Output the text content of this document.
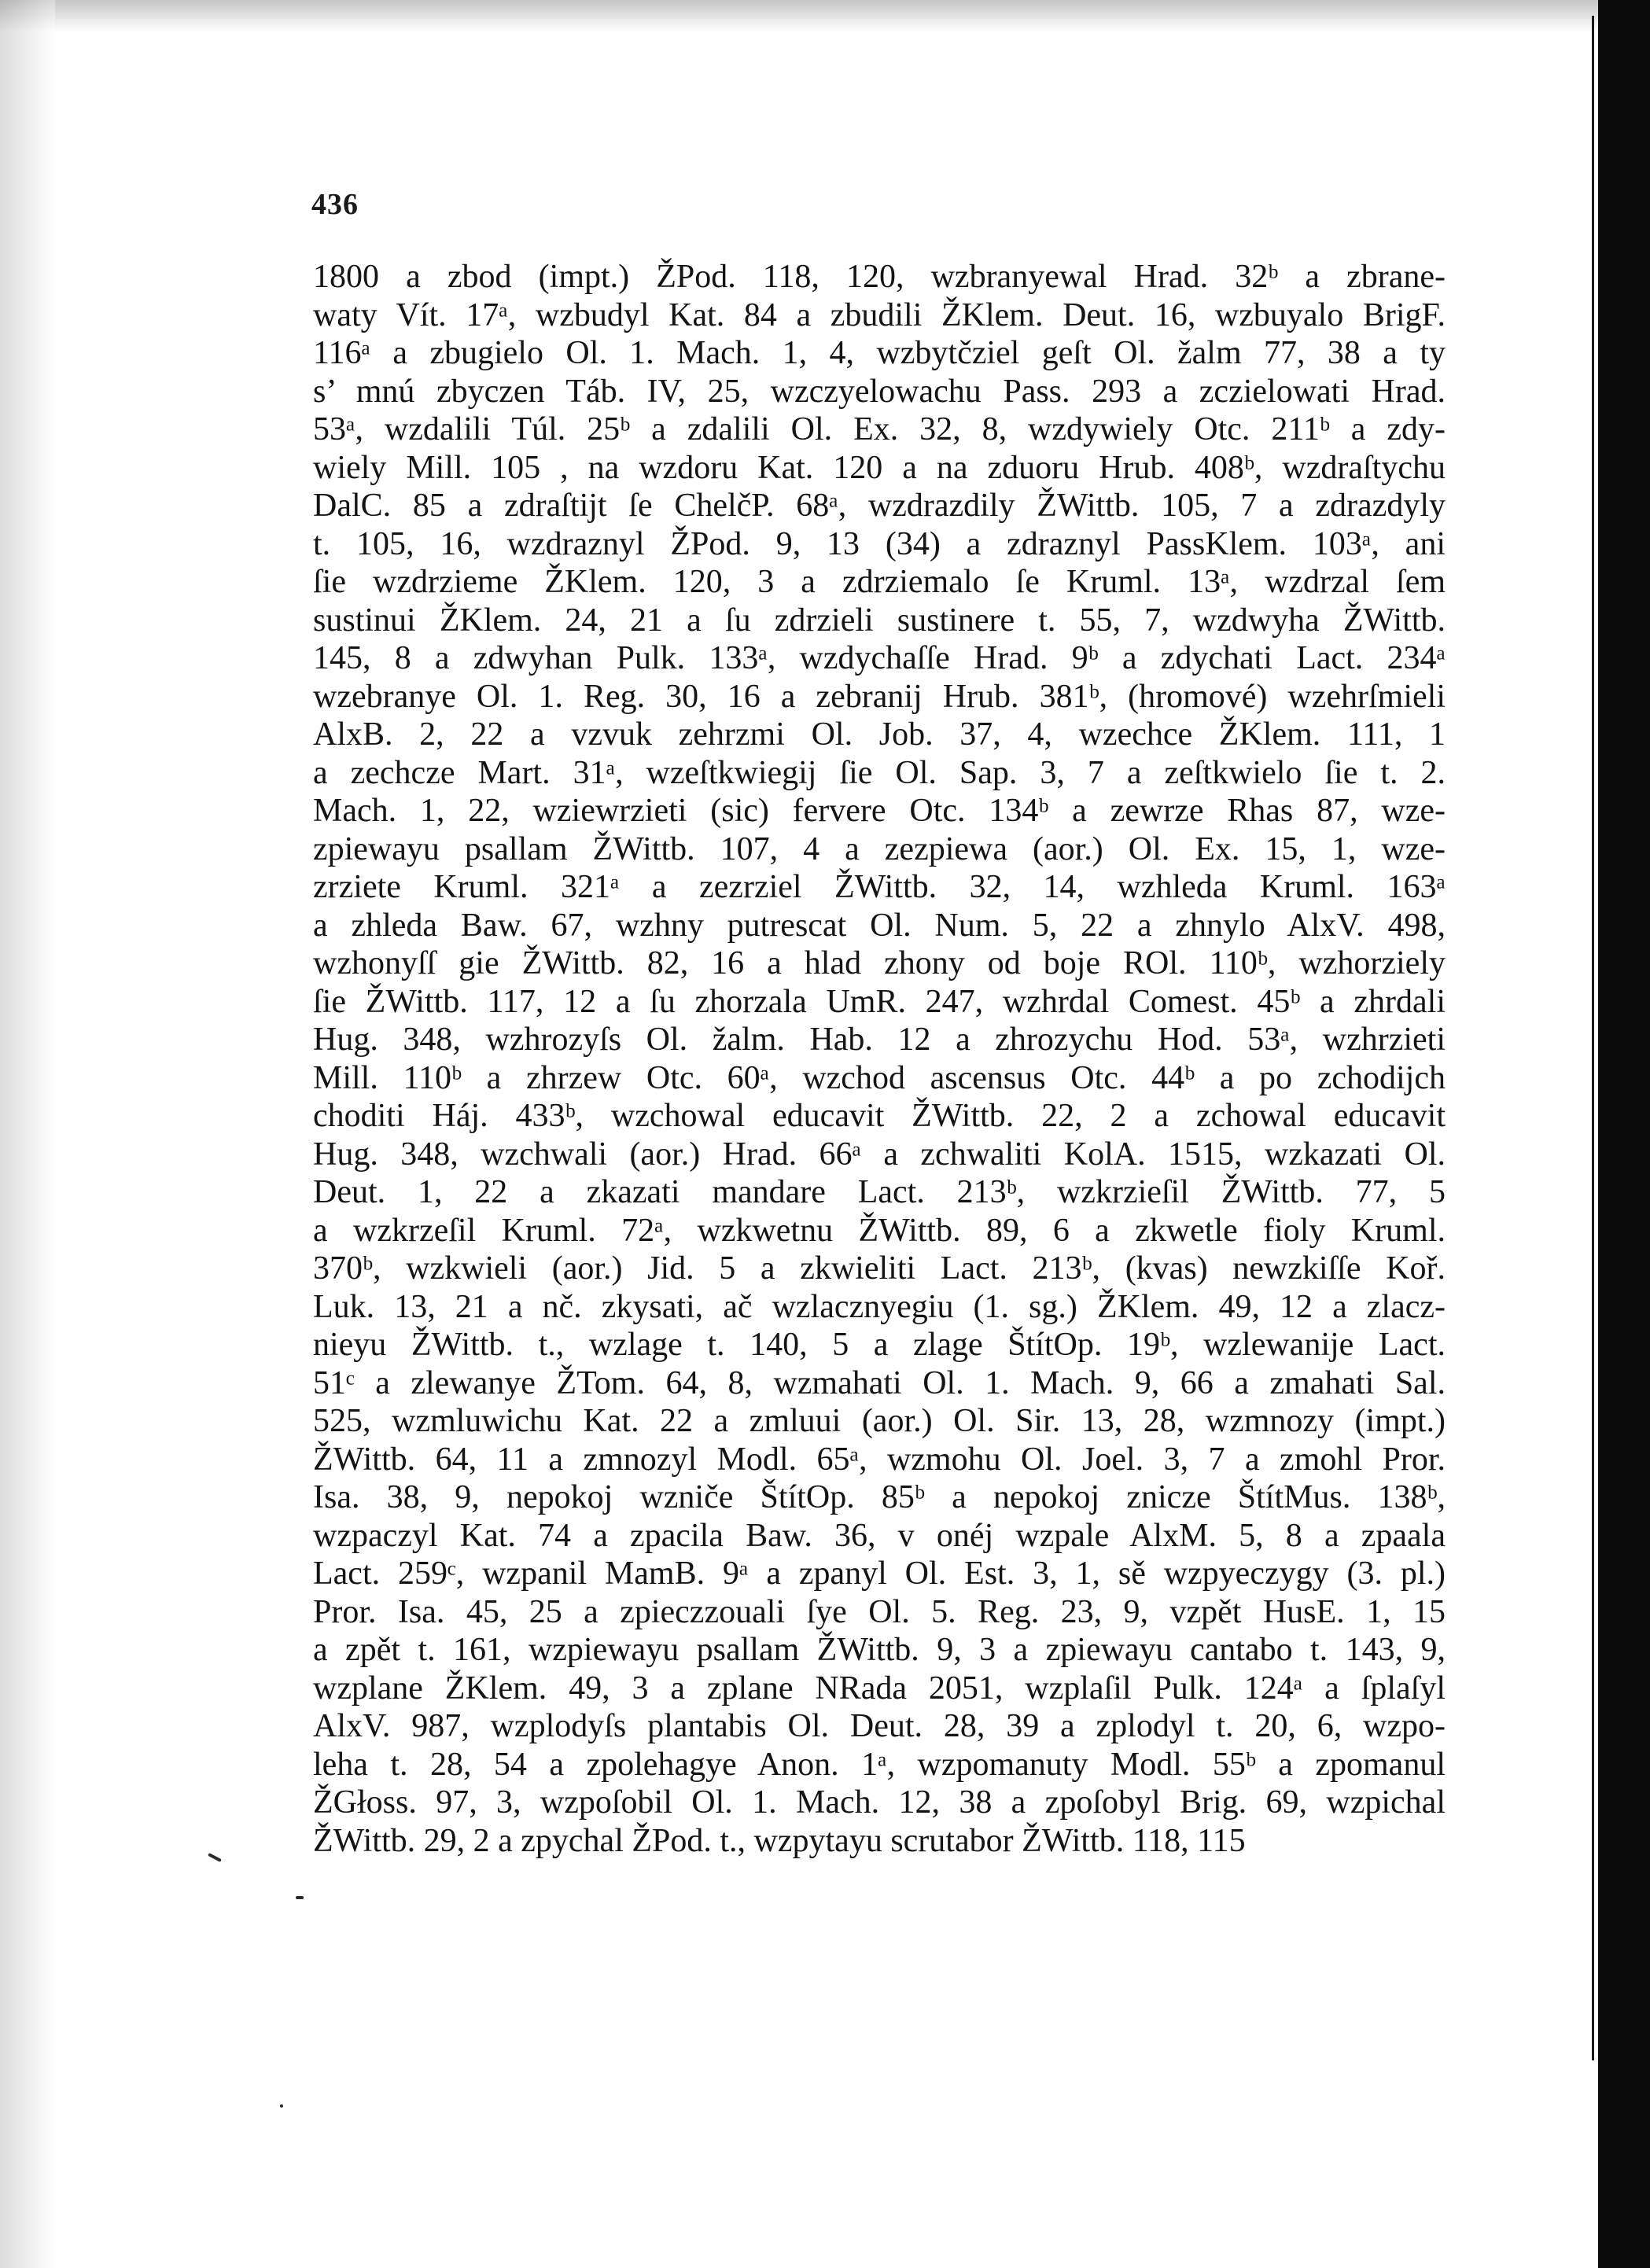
436
1800 a zbod (impt.) ŽPod. 118, 120, wzbranyewal Hrad. 32ᵇ a zbrane-
waty Vít. 17ᵃ, wzbudyl Kat. 84 a zbudili ŽKlem. Deut. 16, wzbuyalo BrigF.
116ᵃ a zbugielo Ol. 1. Mach. 1, 4, wzbytčziel geſt Ol. žalm 77, 38 a ty
s’ mnú zbyczen Táb. IV, 25, wzczyelowachu Pass. 293 a zczielowati Hrad.
53ᵃ, wzdalili Túl. 25ᵇ a zdalili Ol. Ex. 32, 8, wzdywiely Otc. 211ᵇ a zdy-
wiely Mill. 105 , na wzdoru Kat. 120 a na zduoru Hrub. 408ᵇ, wzdraſtychu
DalC. 85 a zdraſtijt ſe ChelčP. 68ᵃ, wzdrazdily ŽWittb. 105, 7 a zdrazdyly
t. 105, 16, wzdraznyl ŽPod. 9, 13 (34) a zdraznyl PassKlem. 103ᵃ, ani
ſie wzdrzieme ŽKlem. 120, 3 a zdrziemalo ſe Kruml. 13ᵃ, wzdrzal ſem
sustinui ŽKlem. 24, 21 a ſu zdrzieli sustinere t. 55, 7, wzdwyha ŽWittb.
145, 8 a zdwyhan Pulk. 133ᵃ, wzdychaſſe Hrad. 9ᵇ a zdychati Lact. 234ᵃ
wzebranye Ol. 1. Reg. 30, 16 a zebranij Hrub. 381ᵇ, (hromové) wzehrſmieli
AlxB. 2, 22 a vzvuk zehrzmi Ol. Job. 37, 4, wzechce ŽKlem. 111, 1
a zechcze Mart. 31ᵃ, wzeſtkwiegij ſie Ol. Sap. 3, 7 a zeſtkwielo ſie t. 2.
Mach. 1, 22, wziewrzieti (sic) fervere Otc. 134ᵇ a zewrze Rhas 87, wze-
zpiewayu psallam ŽWittb. 107, 4 a zezpiewa (aor.) Ol. Ex. 15, 1, wze-
zrziete Kruml. 321ᵃ a zezrziel ŽWittb. 32, 14, wzhleda Kruml. 163ᵃ
a zhleda Baw. 67, wzhny putrescat Ol. Num. 5, 22 a zhnylo AlxV. 498,
wzhonyſſ gie ŽWittb. 82, 16 a hlad zhony od boje ROl. 110ᵇ, wzhorziely
ſie ŽWittb. 117, 12 a ſu zhorzala UmR. 247, wzhrdal Comest. 45ᵇ a zhrdali
Hug. 348, wzhrozyſs Ol. žalm. Hab. 12 a zhrozychu Hod. 53ᵃ, wzhrzieti
Mill. 110ᵇ a zhrzew Otc. 60ᵃ, wzchod ascensus Otc. 44ᵇ a po zchodijch
choditi Háj. 433ᵇ, wzchowal educavit ŽWittb. 22, 2 a zchowal educavit
Hug. 348, wzchwali (aor.) Hrad. 66ᵃ a zchwaliti KolA. 1515, wzkazati Ol.
Deut. 1, 22 a zkazati mandare Lact. 213ᵇ, wzkrzieſil ŽWittb. 77, 5
a wzkrzeſil Kruml. 72ᵃ, wzkwetnu ŽWittb. 89, 6 a zkwetle fioly Kruml.
370ᵇ, wzkwieli (aor.) Jid. 5 a zkwieliti Lact. 213ᵇ, (kvas) newzkiſſe Koř.
Luk. 13, 21 a nč. zkysati, ač wzlacznyegiu (1. sg.) ŽKlem. 49, 12 a zlacz-
nieyu ŽWittb. t., wzlage t. 140, 5 a zlage ŠtítOp. 19ᵇ, wzlewanije Lact.
51ᶜ a zlewanye ŽTom. 64, 8, wzmahati Ol. 1. Mach. 9, 66 a zmahati Sal.
525, wzmluwichu Kat. 22 a zmluui (aor.) Ol. Sir. 13, 28, wzmnozy (impt.)
ŽWittb. 64, 11 a zmnozyl Modl. 65ᵃ, wzmohu Ol. Joel. 3, 7 a zmohl Pror.
Isa. 38, 9, nepokoj wzniče ŠtítOp. 85ᵇ a nepokoj znicze ŠtítMus. 138ᵇ,
wzpaczyl Kat. 74 a zpacila Baw. 36, v onéj wzpale AlxM. 5, 8 a zpaala
Lact. 259ᶜ, wzpanil MamB. 9ᵃ a zpanyl Ol. Est. 3, 1, sě wzpyeczygy (3. pl.)
Pror. Isa. 45, 25 a zpieczzouali ſye Ol. 5. Reg. 23, 9, vzpět HusE. 1, 15
a zpět t. 161, wzpiewayu psallam ŽWittb. 9, 3 a zpiewayu cantabo t. 143, 9,
wzplane ŽKlem. 49, 3 a zplane NRada 2051, wzplaſil Pulk. 124ᵃ a ſplaſyl
AlxV. 987, wzplodyſs plantabis Ol. Deut. 28, 39 a zplodyl t. 20, 6, wzpo-
leha t. 28, 54 a zpolehagye Anon. 1ᵃ, wzpomanuty Modl. 55ᵇ a zpomanul
ŽGłoss. 97, 3, wzpoſobil Ol. 1. Mach. 12, 38 a zpoſobyl Brig. 69, wzpichal
ŽWittb. 29, 2 a zpychal ŽPod. t., wzpytayu scrutabor ŽWittb. 118, 115
